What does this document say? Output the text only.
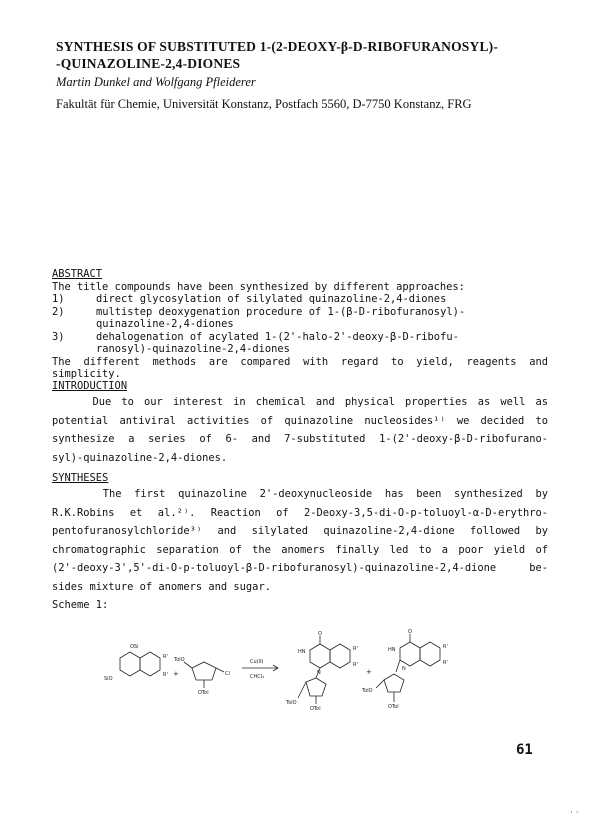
SYNTHESIS OF SUBSTITUTED 1-(2-DEOXY-β-D-RIBOFURANOSYL)-
-QUINAZOLINE-2,4-DIONES
Martin Dunkel and Wolfgang Pfleiderer
Fakultät für Chemie, Universität Konstanz, Postfach 5560, D-7750 Konstanz, FRG
ABSTRACT
The title compounds have been synthesized by different approaches:
1)	direct glycosylation of silylated quinazoline-2,4-diones
2)	multistep deoxygenation procedure of 1-(β-D-ribofuranosyl)-
quinazoline-2,4-diones
3)	dehalogenation of acylated 1-(2'-halo-2'-deoxy-β-D-ribofu-
ranosyl)-quinazoline-2,4-diones
The different methods are compared with regard to yield, reagents and
simplicity.
INTRODUCTION
Due to our interest in chemical and physical properties as well as
potential antiviral activities of quinazoline nucleosides¹⁾ we decided to
synthesize a series of 6- and 7-substituted 1-(2'-deoxy-β-D-ribofurano-
syl)-quinazoline-2,4-diones.
SYNTHESES
The first quinazoline 2'-deoxynucleoside has been synthesized by
R.K.Robins et al.²⁾. Reaction of 2-Deoxy-3,5-di-O-p-toluoyl-α-D-erythro-
pentofuranosylchloride³⁾ and silylated quinazoline-2,4-dione followed by
chromatographic separation of the anomers finally led to a poor yield of
(2'-deoxy-3',5'-di-O-p-toluoyl-β-D-ribofuranosyl)-quinazoline-2,4-dione be-
sides mixture of anomers and sugar.
Scheme 1:
OSi
SiO
R'
R' +
TolO
Cl
OTol
Cu(II)
CHCl₃
O
HN
N
R'
R'
TolO
OTol
+
O
HN
N
R'
R'
TolO
OTol
61
· ·
